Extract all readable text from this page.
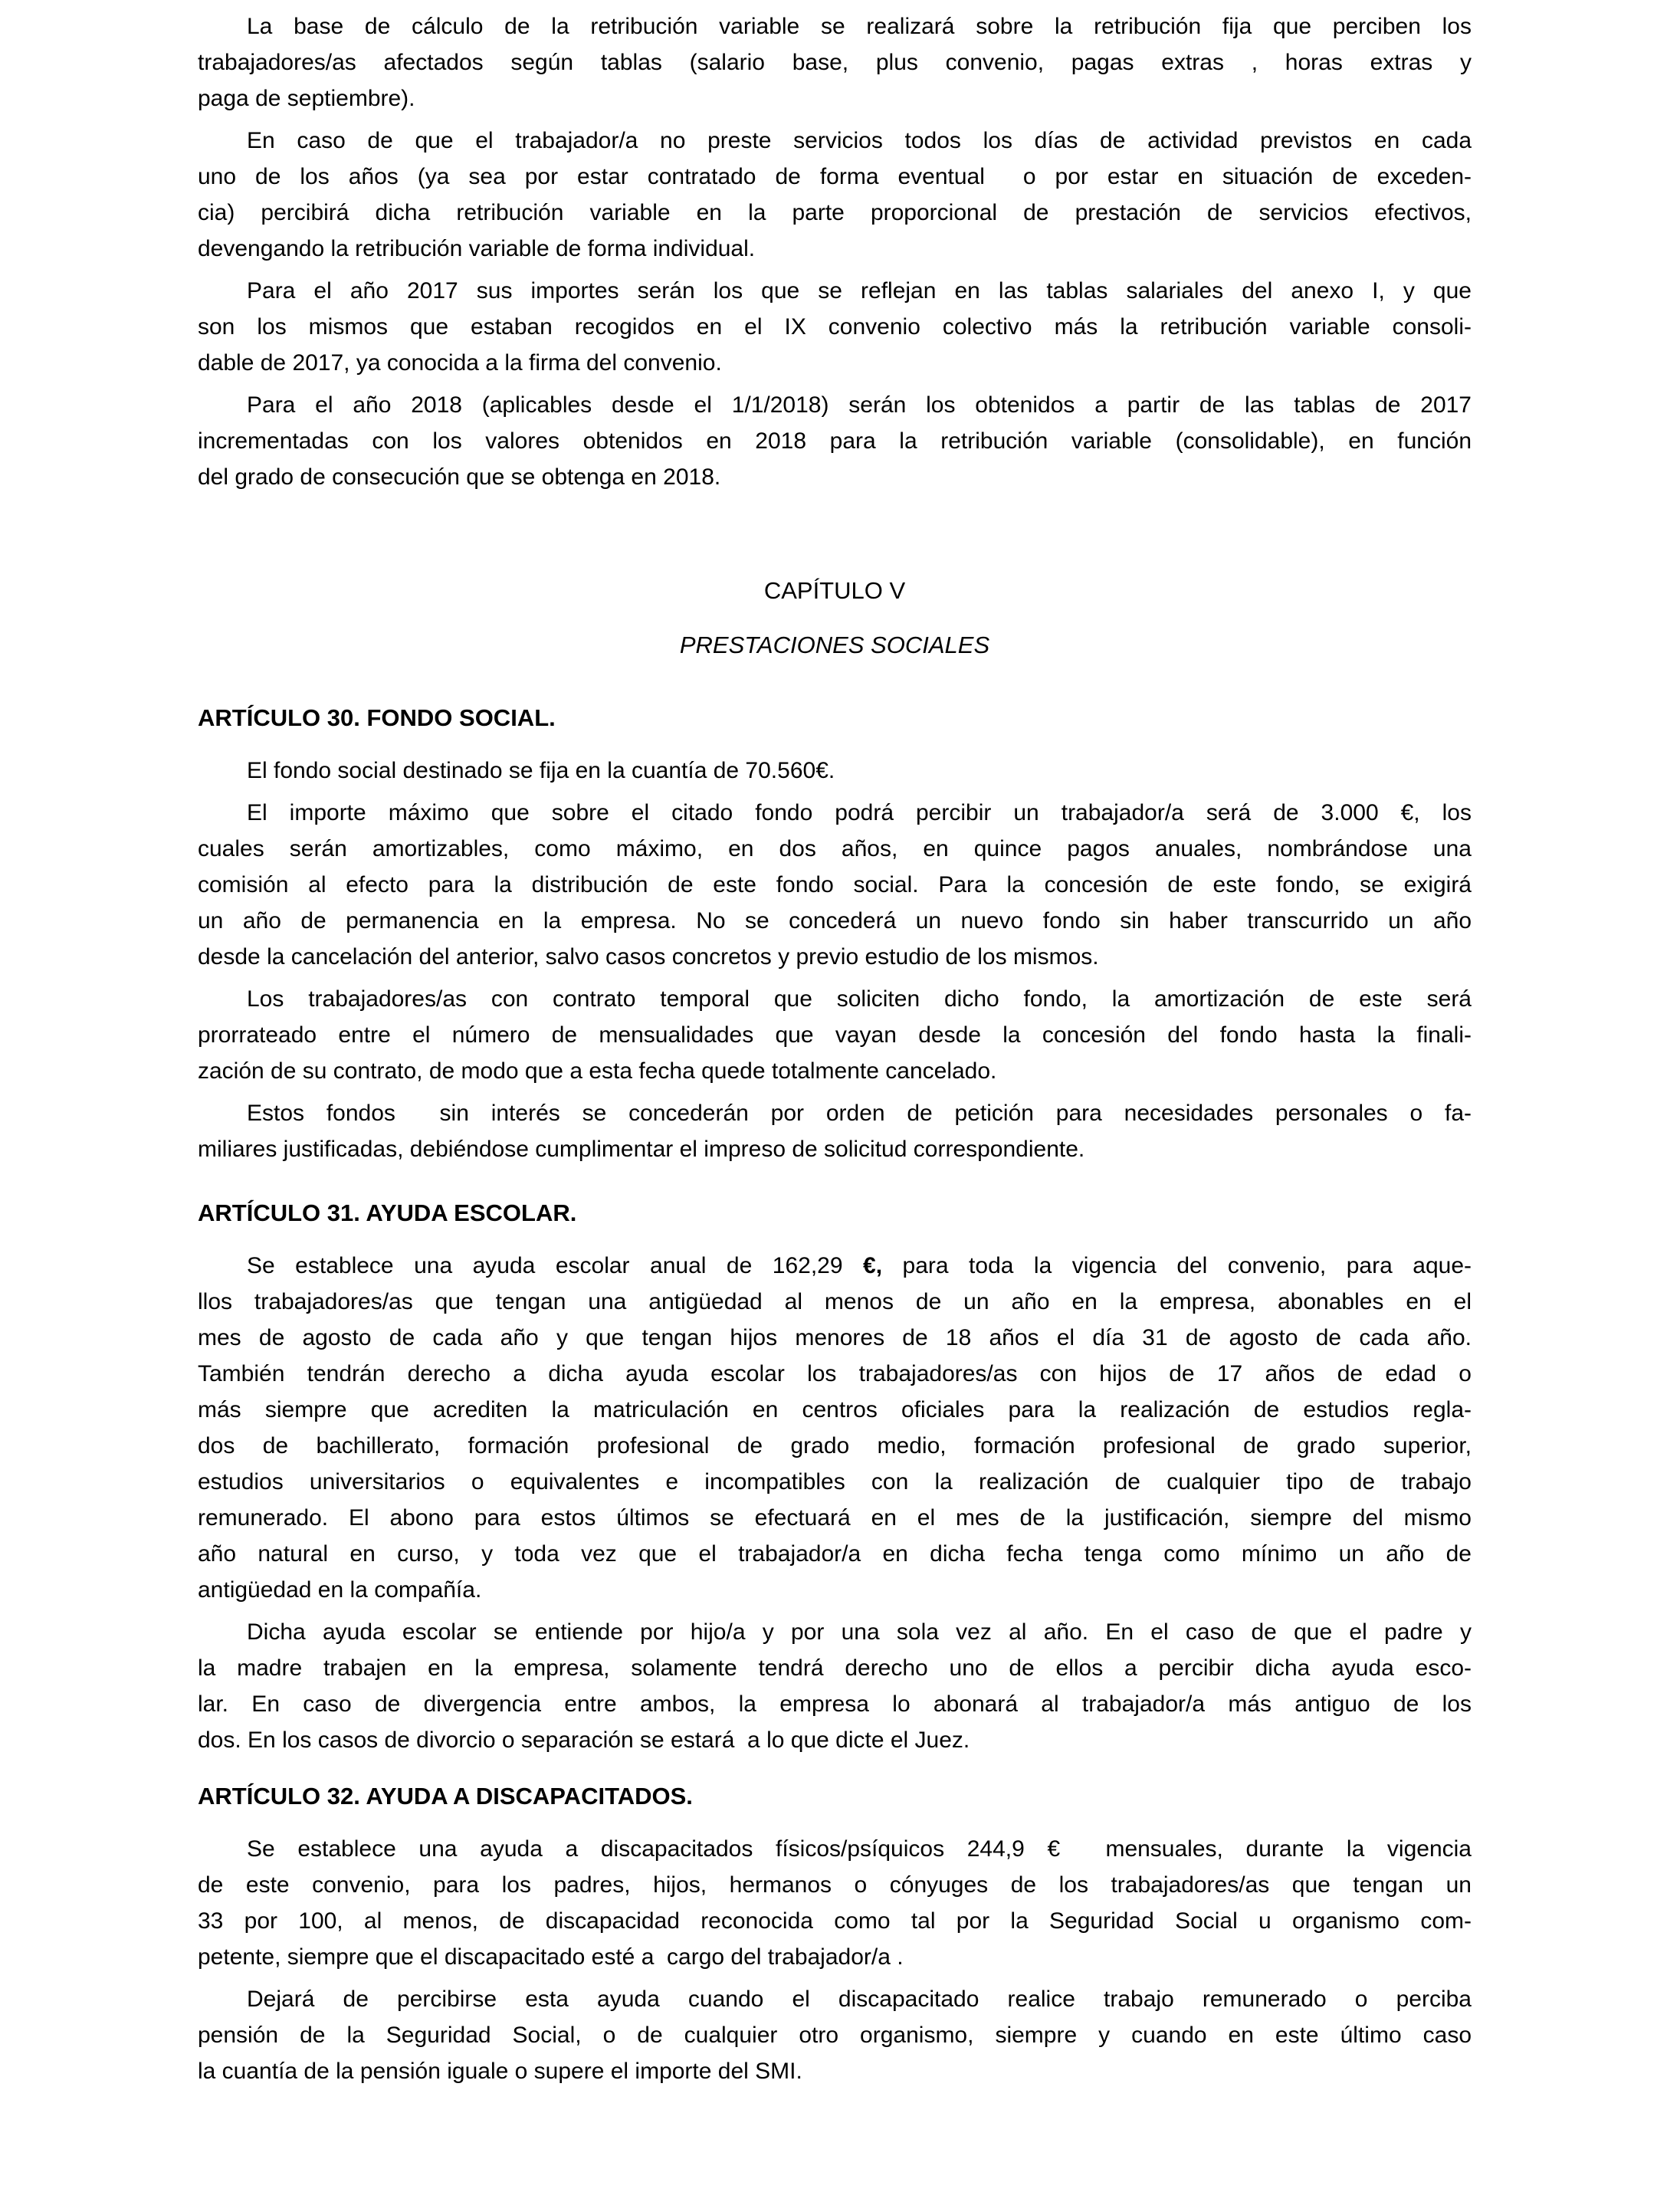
La base de cálculo de la retribución variable se realizará sobre la retribución fija que perciben los
trabajadores/as afectados según tablas (salario base, plus convenio, pagas extras , horas extras y
paga de septiembre).
En caso de que el trabajador/a no preste servicios todos los días de actividad previstos en cada
uno de los años (ya sea por estar contratado de forma eventual  o por estar en situación de exceden-
cia) percibirá dicha retribución variable en la parte proporcional de prestación de servicios efectivos,
devengando la retribución variable de forma individual.
Para el año 2017 sus importes serán los que se reflejan en las tablas salariales del anexo I, y que
son los mismos que estaban recogidos en el IX convenio colectivo más la retribución variable consoli-
dable de 2017, ya conocida a la firma del convenio.
Para el año 2018 (aplicables desde el 1/1/2018) serán los obtenidos a partir de las tablas de 2017
incrementadas con los valores obtenidos en 2018 para la retribución variable (consolidable), en función
del grado de consecución que se obtenga en 2018.
CAPÍTULO V
PRESTACIONES SOCIALES
ARTÍCULO 30. FONDO SOCIAL.
El fondo social destinado se fija en la cuantía de 70.560€.
El importe máximo que sobre el citado fondo podrá percibir un trabajador/a será de 3.000 €, los
cuales serán amortizables, como máximo, en dos años, en quince pagos anuales, nombrándose una
comisión al efecto para la distribución de este fondo social. Para la concesión de este fondo, se exigirá
un año de permanencia en la empresa. No se concederá un nuevo fondo sin haber transcurrido un año
desde la cancelación del anterior, salvo casos concretos y previo estudio de los mismos.
Los trabajadores/as con contrato temporal que soliciten dicho fondo, la amortización de este será
prorrateado entre el número de mensualidades que vayan desde la concesión del fondo hasta la finali-
zación de su contrato, de modo que a esta fecha quede totalmente cancelado.
Estos fondos  sin interés se concederán por orden de petición para necesidades personales o fa-
miliares justificadas, debiéndose cumplimentar el impreso de solicitud correspondiente.
ARTÍCULO 31. AYUDA ESCOLAR.
Se establece una ayuda escolar anual de 162,29 €, para toda la vigencia del convenio, para aque-
llos trabajadores/as que tengan una antigüedad al menos de un año en la empresa, abonables en el
mes de agosto de cada año y que tengan hijos menores de 18 años el día 31 de agosto de cada año.
También tendrán derecho a dicha ayuda escolar los trabajadores/as con hijos de 17 años de edad o
más siempre que acrediten la matriculación en centros oficiales para la realización de estudios regla-
dos de bachillerato, formación profesional de grado medio, formación profesional de grado superior,
estudios universitarios o equivalentes e incompatibles con la realización de cualquier tipo de trabajo
remunerado. El abono para estos últimos se efectuará en el mes de la justificación, siempre del mismo
año natural en curso, y toda vez que el trabajador/a en dicha fecha tenga como mínimo un año de
antigüedad en la compañía.
Dicha ayuda escolar se entiende por hijo/a y por una sola vez al año. En el caso de que el padre y
la madre trabajen en la empresa, solamente tendrá derecho uno de ellos a percibir dicha ayuda esco-
lar. En caso de divergencia entre ambos, la empresa lo abonará al trabajador/a más antiguo de los
dos. En los casos de divorcio o separación se estará  a lo que dicte el Juez.
ARTÍCULO 32. AYUDA A DISCAPACITADOS.
Se establece una ayuda a discapacitados físicos/psíquicos 244,9 €  mensuales, durante la vigencia
de este convenio, para los padres, hijos, hermanos o cónyuges de los trabajadores/as que tengan un
33 por 100, al menos, de discapacidad reconocida como tal por la Seguridad Social u organismo com-
petente, siempre que el discapacitado esté a  cargo del trabajador/a .
Dejará de percibirse esta ayuda cuando el discapacitado realice trabajo remunerado o perciba
pensión de la Seguridad Social, o de cualquier otro organismo, siempre y cuando en este último caso
la cuantía de la pensión iguale o supere el importe del SMI.
